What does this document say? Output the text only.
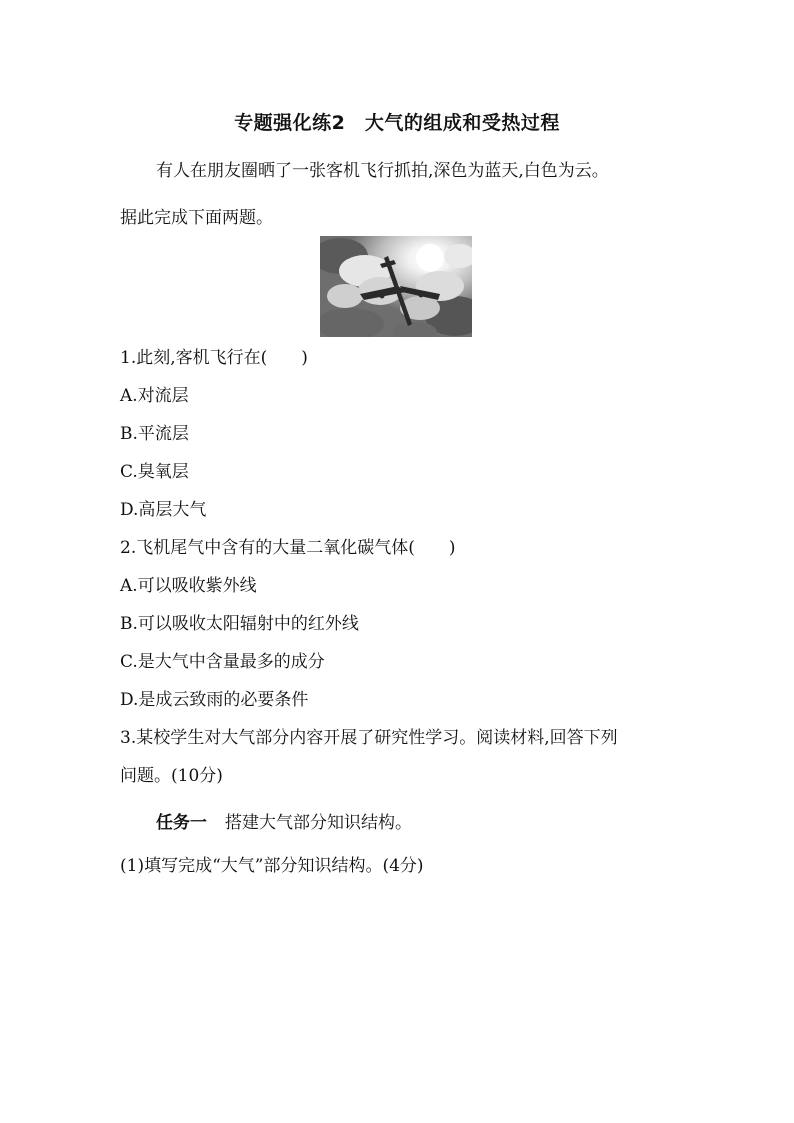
专题强化练2　大气的组成和受热过程
有人在朋友圈晒了一张客机飞行抓拍,深色为蓝天,白色为云。
据此完成下面两题。
1.此刻,客机飞行在(　　)
A.对流层
B.平流层
C.臭氧层
D.高层大气
2.飞机尾气中含有的大量二氧化碳气体(　　)
A.可以吸收紫外线
B.可以吸收太阳辐射中的红外线
C.是大气中含量最多的成分
D.是成云致雨的必要条件
3.某校学生对大气部分内容开展了研究性学习。阅读材料,回答下列
问题。(10分)
任务一 搭建大气部分知识结构。
(1)填写完成“大气”部分知识结构。(4分)
